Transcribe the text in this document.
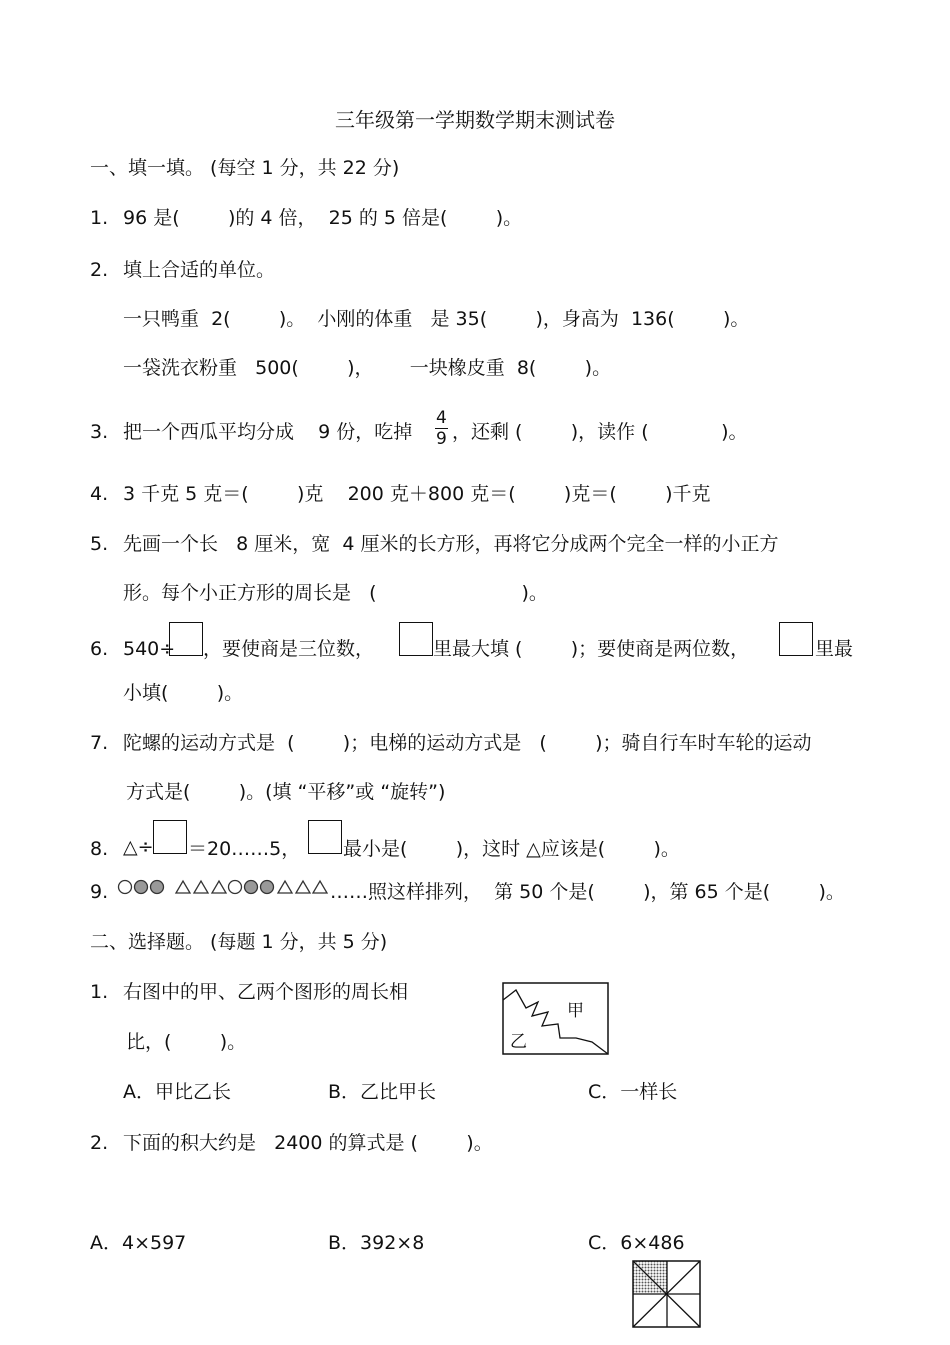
三年级第一学期数学期末测试卷
一、填一填。 (每空 1 分，共 22 分)
1. 96 是(        )的 4 倍，  25 的 5 倍是(        )。
2. 填上合适的单位。
一只鸭重  2(        )。  小刚的体重   是 35(        )，身高为  136(        )。
一袋洗衣粉重   500(        )，      一块橡皮重  8(        )。
3. 把一个西瓜平均分成    9 份，吃掉 $\frac{4}{9}$ ，还剩 (        )，读作 (            )。
4. 3 千克 5 克＝(        )克    200 克＋800 克＝(        )克＝(        )千克
5. 先画一个长   8 厘米，宽  4 厘米的长方形，再将它分成两个完全一样的小正方
形。每个小正方形的周长是   (                        )。
6. 540÷ ，要使商是三位数，	里最大填 (        )；要使商是两位数，	里最
小填(        )。
7. 陀螺的运动方式是  (        )；电梯的运动方式是   (        )；骑自行车时车轮的运动
方式是(        )。(填 “平移”或 “旋转”)
8. △÷ ＝20……5， 最小是(        )，这时 △应该是(        )。
9.	……照这样排列，  第 50 个是(        )，第 65 个是(        )。
二、选择题。 (每题 1 分，共 5 分)
1. 右图中的甲、乙两个图形的周长相
比，(        )。
甲
乙
A．甲比乙长	B．乙比甲长	C．一样长
2. 下面的积大约是   2400 的算式是 (        )。
A．4×597	B．392×8	C．6×486
